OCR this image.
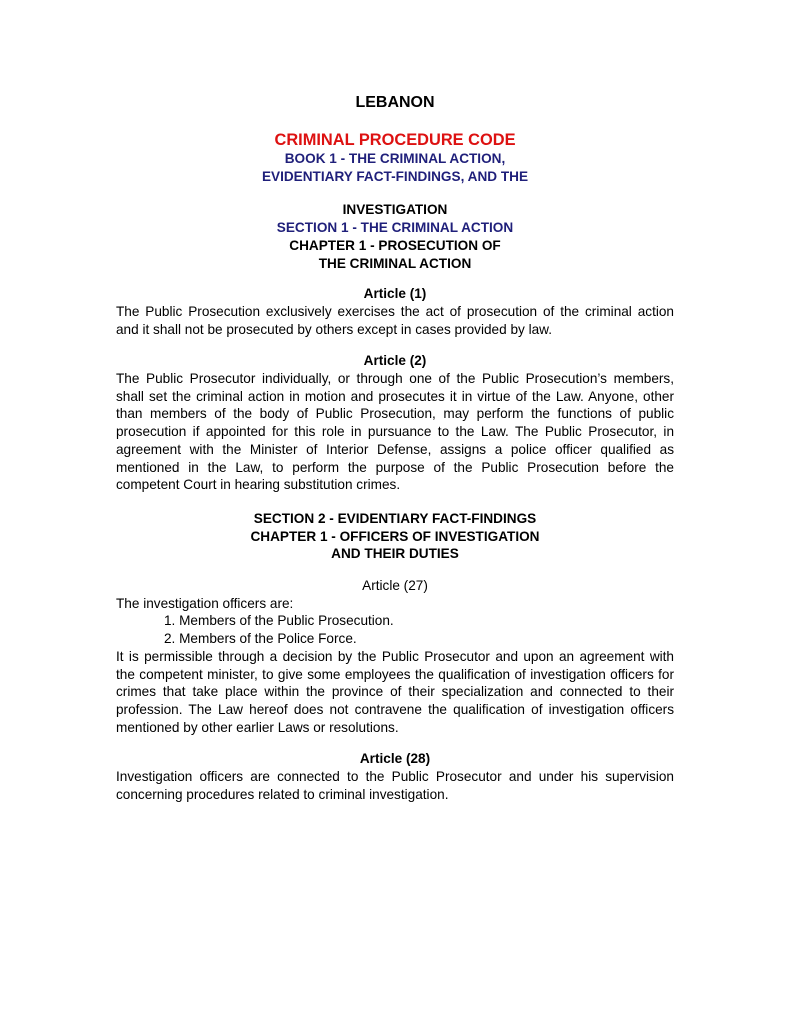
LEBANON
CRIMINAL PROCEDURE CODE
BOOK 1 - THE CRIMINAL ACTION,
EVIDENTIARY FACT-FINDINGS, AND THE
INVESTIGATION
SECTION 1 - THE CRIMINAL ACTION
CHAPTER 1 - PROSECUTION OF
THE CRIMINAL ACTION
Article (1)

The Public Prosecution exclusively exercises the act of prosecution of the criminal action and it shall not be prosecuted by others except in cases provided by law.

Article (2)

The Public Prosecutor individually, or through one of the Public Prosecution’s members, shall set the criminal action in motion and prosecutes it in virtue of the Law. Anyone, other than members of the body of Public Prosecution, may perform the functions of public prosecution if appointed for this role in pursuance to the Law. The Public Prosecutor, in agreement with the Minister of Interior Defense, assigns a police officer qualified as mentioned in the Law, to perform the purpose of the Public Prosecution before the competent Court in hearing substitution crimes.

SECTION 2 - EVIDENTIARY FACT-FINDINGS
CHAPTER 1 - OFFICERS OF INVESTIGATION
AND THEIR DUTIES
Article (27)

The investigation officers are:

1. Members of the Public Prosecution.
2. Members of the Police Force.

It is permissible through a decision by the Public Prosecutor and upon an agreement with the competent minister, to give some employees the qualification of investigation officers for crimes that take place within the province of their specialization and connected to their profession. The Law hereof does not contravene the qualification of investigation officers mentioned by other earlier Laws or resolutions.

Article (28)

Investigation officers are connected to the Public Prosecutor and under his supervision concerning procedures related to criminal investigation.
